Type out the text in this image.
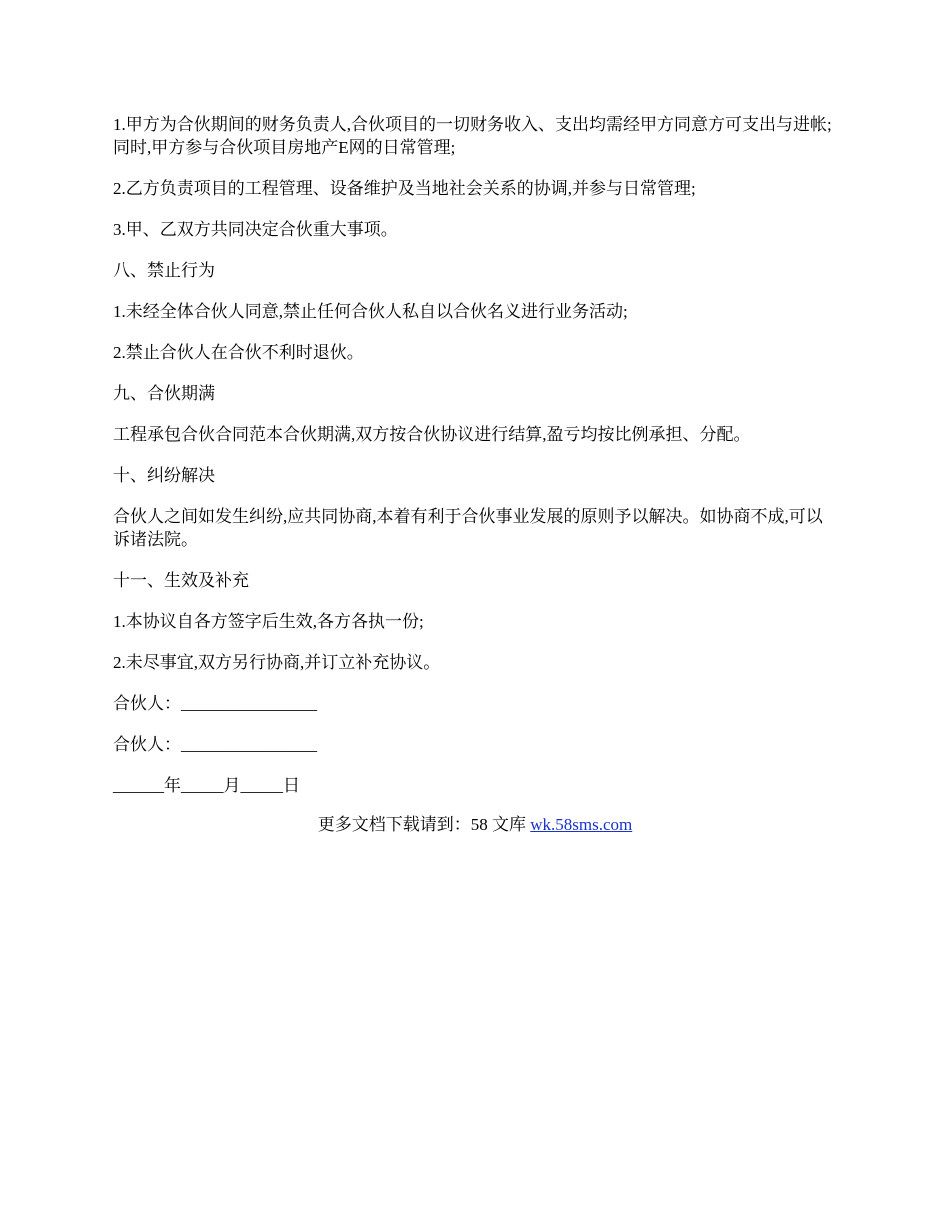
1.甲方为合伙期间的财务负责人,合伙项目的一切财务收入、支出均需经甲方同意方可支出与进帐;同时,甲方参与合伙项目房地产E网的日常管理;

2.乙方负责项目的工程管理、设备维护及当地社会关系的协调,并参与日常管理;

3.甲、乙双方共同决定合伙重大事项。

八、禁止行为

1.未经全体合伙人同意,禁止任何合伙人私自以合伙名义进行业务活动;

2.禁止合伙人在合伙不利时退伙。

九、合伙期满

工程承包合伙合同范本合伙期满,双方按合伙协议进行结算,盈亏均按比例承担、分配。

十、纠纷解决

合伙人之间如发生纠纷,应共同协商,本着有利于合伙事业发展的原则予以解决。如协商不成,可以诉诸法院。

十一、生效及补充

1.本协议自各方签字后生效,各方各执一份;

2.未尽事宜,双方另行协商,并订立补充协议。

合伙人：________________

合伙人：________________

______年_____月_____日

更多文档下载请到：58 文库 wk.58sms.com
